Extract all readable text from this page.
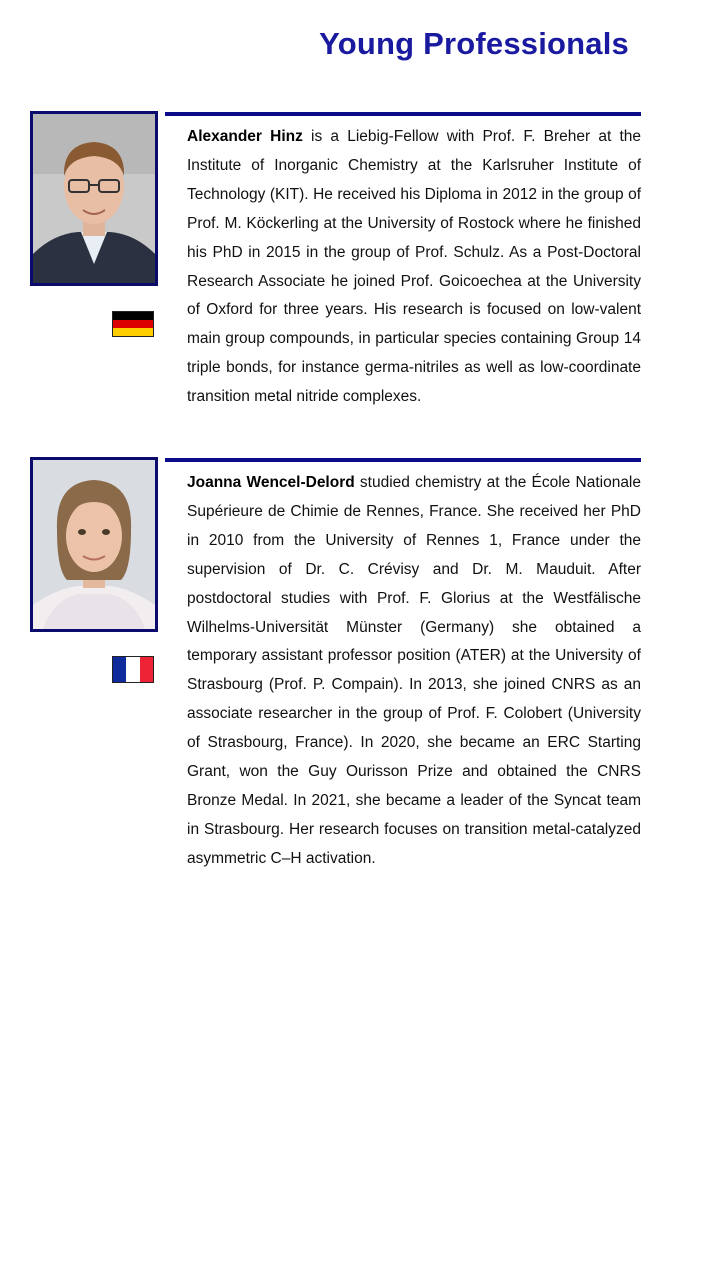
Young Professionals

Alexander Hinz is a Liebig-Fellow with Prof. F. Breher at the Institute of Inorganic Chemistry at the Karlsruher Institute of Technology (KIT). He received his Diploma in 2012 in the group of Prof. M. Köckerling at the University of Rostock where he finished his PhD in 2015 in the group of Prof. Schulz. As a Post-Doctoral Research Associate he joined Prof. Goicoechea at the University of Oxford for three years. His research is focused on low-valent main group compounds, in particular species containing Group 14 triple bonds, for instance germa-nitriles as well as low-coordinate transition metal nitride complexes.

Joanna Wencel-Delord studied chemistry at the École Nationale Supérieure de Chimie de Rennes, France. She received her PhD in 2010 from the University of Rennes 1, France under the supervision of Dr. C. Crévisy and Dr. M. Mauduit. After postdoctoral studies with Prof. F. Glorius at the Westfälische Wilhelms-Universität Münster (Germany) she obtained a temporary assistant professor position (ATER) at the University of Strasbourg (Prof. P. Compain). In 2013, she joined CNRS as an associate researcher in the group of Prof. F. Colobert (University of Strasbourg, France). In 2020, she became an ERC Starting Grant, won the Guy Ourisson Prize and obtained the CNRS Bronze Medal. In 2021, she became a leader of the Syncat team in Strasbourg. Her research focuses on transition metal-catalyzed asymmetric C–H activation.
